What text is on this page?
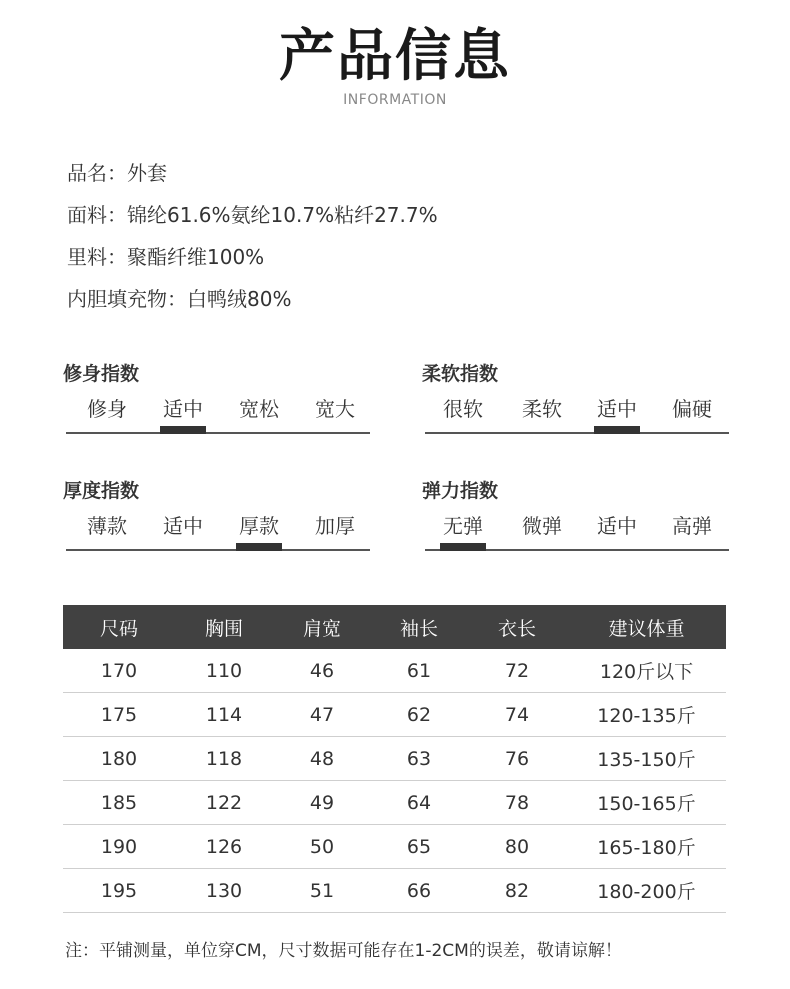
产品信息
INFORMATION
品名：外套
面料：锦纶61.6%氨纶10.7%粘纤27.7%
里料：聚酯纤维100%
内胆填充物：白鸭绒80%
修身指数
修身	适中	宽松	宽大
柔软指数
很软	柔软	适中	偏硬
厚度指数
薄款	适中	厚款	加厚
弹力指数
无弹	微弹	适中	高弹
尺码	胸围	肩宽	袖长	衣长	建议体重
170	110	46	61	72	120斤以下
175	114	47	62	74	120-135斤
180	118	48	63	76	135-150斤
185	122	49	64	78	150-165斤
190	126	50	65	80	165-180斤
195	130	51	66	82	180-200斤
注：平铺测量，单位穿CM，尺寸数据可能存在1-2CM的误差，敬请谅解！
